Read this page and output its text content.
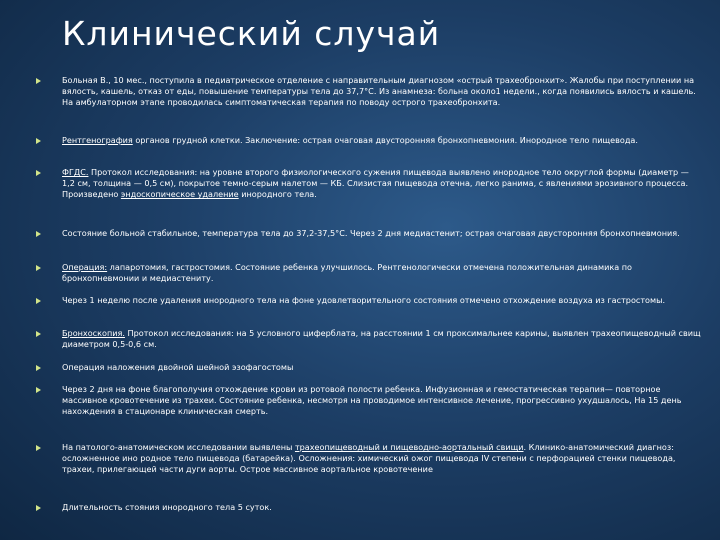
Клинический случай
Больная В., 10 мес., поступила в педиатрическое отделение с направительным диагнозом «острый трахеобронхит». Жалобы при поступлении на вялость, кашель, отказ от еды, повышение температуры тела до 37,7°С. Из анамнеза: больна около1 недели., когда появились вялость и кашель. На амбулаторном этапе проводилась симптоматическая терапия по поводу острого трахеобронхита.
Рентгенография органов грудной клетки. Заключение: острая очаговая двусторонняя бронхопневмония. Инородное тело пищевода.
ФГДС. Протокол исследования: на уровне второго физиологического сужения пищевода выявлено инородное тело округлой формы (диаметр — 1,2 см, толщина — 0,5 см), покрытое темно-серым налетом — КБ. Слизистая пищевода отечна, легко ранима, с явлениями эрозивного процесса. Произведено эндоскопическое удаление инородного тела.
Состояние больной стабильное, температура тела до 37,2-37,5°С. Через 2 дня медиастенит; острая очаговая двусторонняя бронхопневмония.
Операция: лапаротомия, гастростомия. Состояние ребенка улучшилось. Рентгенологически отмечена положительная динамика по бронхопневмонии и медиастениту.
Через 1 неделю после удаления инородного тела на фоне удовлетворительного состояния отмечено отхождение воздуха из гастростомы.
Бронхоскопия. Протокол исследования: на 5 условного циферблата, на расстоянии 1 см проксимальнее карины, выявлен трахеопищеводный свищ диаметром 0,5-0,6 см.
Операция наложения двойной шейной эзофагостомы
Через 2 дня на фоне благополучия отхождение крови из ротовой полости ребенка. Инфузионная и гемостатическая терапия— повторное массивное кровотечение из трахеи. Состояние ребенка, несмотря на проводимое интенсивное лечение, прогрессивно ухудшалось, На 15 день нахождения в стационаре клиническая смерть.
На патолого-анатомическом исследовании выявлены трахеопищеводный и пищеводно-аортальный свищи. Клинико-анатомический диагноз: осложненное ино родное тело пищевода (батарейка). Осложнения: химический ожог пищевода IV степени с перфорацией стенки пищевода, трахеи, прилегающей части дуги аорты. Острое массивное аортальное кровотечение
Длительность стояния инородного тела 5 суток.
